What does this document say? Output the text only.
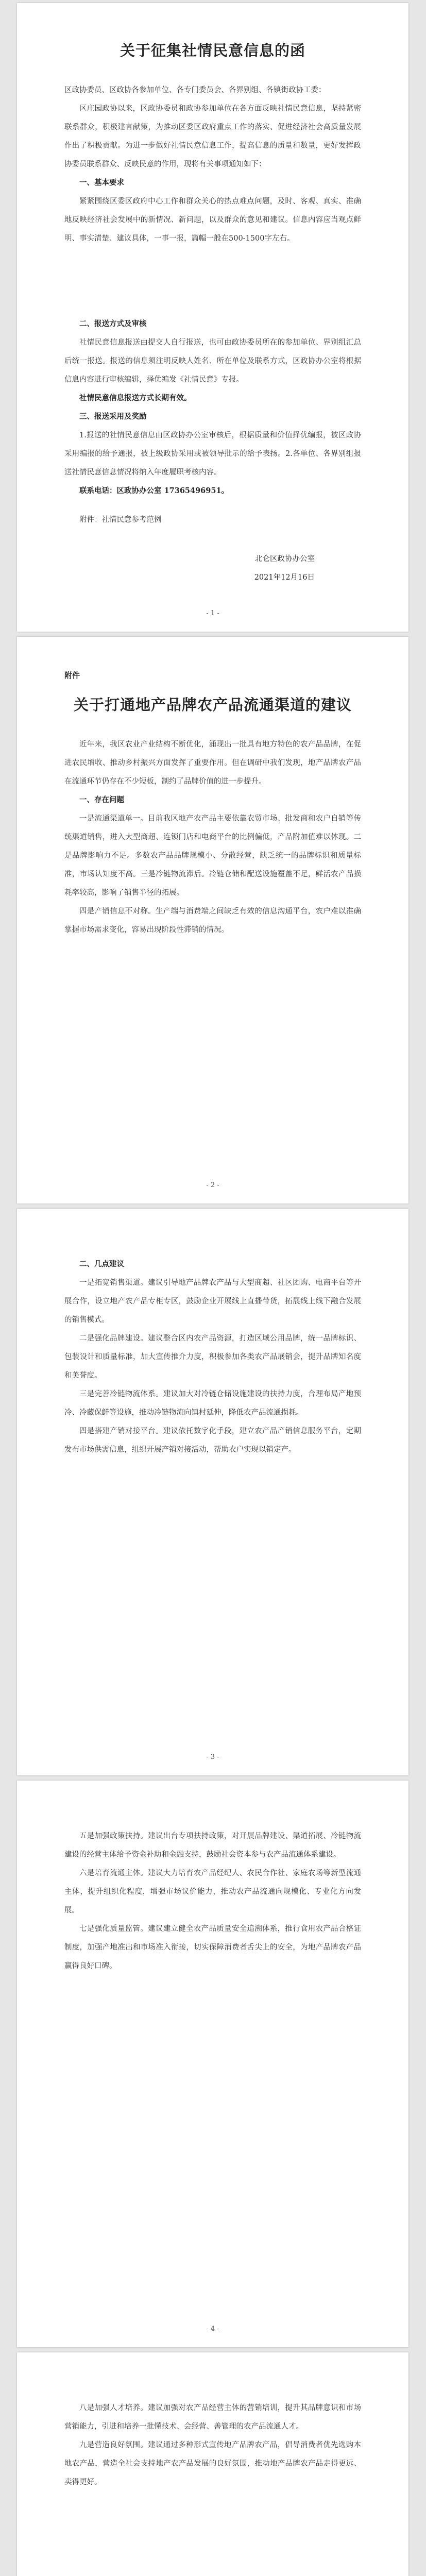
关于征集社情民意信息的函

区政协委员、区政协各参加单位、各专门委员会、各界别组、各镇街政协工委：

区庄园政协以来，区政协委员和政协参加单位在各方面反映社情民意信息，坚持紧密联系群众，积极建言献策，为推动区委区政府重点工作的落实、促进经济社会高质量发展作出了积极贡献。为进一步做好社情民意信息工作，提高信息的质量和数量，更好发挥政协委员联系群众、反映民意的作用，现将有关事项通知如下：

一、基本要求

紧紧围绕区委区政府中心工作和群众关心的热点难点问题，及时、客观、真实、准确地反映经济社会发展中的新情况、新问题，以及群众的意见和建议。信息内容应当观点鲜明、事实清楚、建议具体，一事一报，篇幅一般在500-1500字左右。

二、报送方式及审核

社情民意信息报送由提交人自行报送，也可由政协委员所在的参加单位、界别组汇总后统一报送。报送的信息须注明反映人姓名、所在单位及联系方式，区政协办公室将根据信息内容进行审核编辑，择优编发《社情民意》专报。

社情民意信息报送方式长期有效。

三、报送采用及奖励

1.报送的社情民意信息由区政协办公室审核后，根据质量和价值择优编报，被区政协采用编报的给予通报，被上级政协采用或被领导批示的给予表扬。2.各单位、各界别组报送社情民意信息情况将纳入年度履职考核内容。

联系电话：区政协办公室 17365496951。

附件：社情民意参考范例

北仑区政协办公室

2021年12月16日

- 1 -

附件

关于打通地产品牌农产品流通渠道的建议

近年来，我区农业产业结构不断优化，涌现出一批具有地方特色的农产品品牌，在促进农民增收、推动乡村振兴方面发挥了重要作用。但在调研中我们发现，地产品牌农产品在流通环节仍存在不少短板，制约了品牌价值的进一步提升。

一、存在问题

一是流通渠道单一。目前我区地产农产品主要依靠农贸市场、批发商和农户自销等传统渠道销售，进入大型商超、连锁门店和电商平台的比例偏低，产品附加值难以体现。二是品牌影响力不足。多数农产品品牌规模小、分散经营，缺乏统一的品牌标识和质量标准，市场认知度不高。三是冷链物流滞后。冷链仓储和配送设施覆盖不足，鲜活农产品损耗率较高，影响了销售半径的拓展。

四是产销信息不对称。生产端与消费端之间缺乏有效的信息沟通平台，农户难以准确掌握市场需求变化，容易出现阶段性滞销的情况。

- 2 -

二、几点建议

一是拓宽销售渠道。建议引导地产品牌农产品与大型商超、社区团购、电商平台等开展合作，设立地产农产品专柜专区，鼓励企业开展线上直播带货，拓展线上线下融合发展的销售模式。

二是强化品牌建设。建议整合区内农产品资源，打造区域公用品牌，统一品牌标识、包装设计和质量标准，加大宣传推介力度，积极参加各类农产品展销会，提升品牌知名度和美誉度。

三是完善冷链物流体系。建议加大对冷链仓储设施建设的扶持力度，合理布局产地预冷、冷藏保鲜等设施，推动冷链物流向镇村延伸，降低农产品流通损耗。

四是搭建产销对接平台。建议依托数字化手段，建立农产品产销信息服务平台，定期发布市场供需信息，组织开展产销对接活动，帮助农户实现以销定产。

- 3 -

五是加强政策扶持。建议出台专项扶持政策，对开展品牌建设、渠道拓展、冷链物流建设的经营主体给予资金补助和金融支持，鼓励社会资本参与农产品流通体系建设。

六是培育流通主体。建议大力培育农产品经纪人、农民合作社、家庭农场等新型流通主体，提升组织化程度，增强市场议价能力，推动农产品流通向规模化、专业化方向发展。

七是强化质量监管。建议建立健全农产品质量安全追溯体系，推行食用农产品合格证制度，加强产地准出和市场准入衔接，切实保障消费者舌尖上的安全，为地产品牌农产品赢得良好口碑。

- 4 -

八是加强人才培养。建议加强对农产品经营主体的营销培训，提升其品牌意识和市场营销能力，引进和培养一批懂技术、会经营、善管理的农产品流通人才。

九是营造良好氛围。建议通过多种形式宣传地产品牌农产品，倡导消费者优先选购本地农产品，营造全社会支持地产农产品发展的良好氛围，推动地产品牌农产品走得更远、卖得更好。
